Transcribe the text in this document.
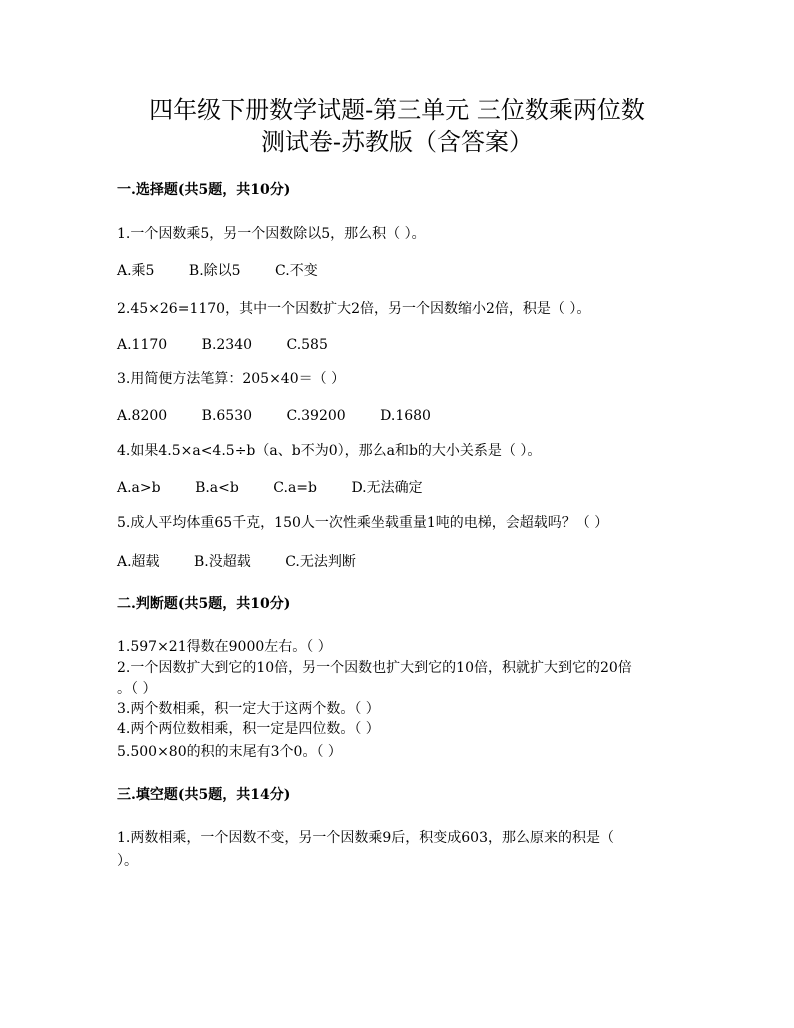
四年级下册数学试题-第三单元 三位数乘两位数
测试卷-苏教版（含答案）
一.选择题(共5题，共10分)
1.一个因数乘5，另一个因数除以5，那么积（ ）。
A.乘5 B.除以5 C.不变
2.45×26=1170，其中一个因数扩大2倍，另一个因数缩小2倍，积是（ ）。
A.1170 B.2340 C.585
3.用简便方法笔算：205×40＝（ ）
A.8200 B.6530 C.39200 D.1680
4.如果4.5×a<4.5÷b（a、b不为0），那么a和b的大小关系是（ ）。
A.a>b B.a<b C.a=b D.无法确定
5.成人平均体重65千克，150人一次性乘坐载重量1吨的电梯，会超载吗？（ ）
A.超载 B.没超载 C.无法判断
二.判断题(共5题，共10分)
1.597×21得数在9000左右。（ ）
2.一个因数扩大到它的10倍，另一个因数也扩大到它的10倍，积就扩大到它的20倍
。（ ）
3.两个数相乘，积一定大于这两个数。（ ）
4.两个两位数相乘，积一定是四位数。（ ）
5.500×80的积的末尾有3个0。（ ）
三.填空题(共5题，共14分)
1.两数相乘，一个因数不变，另一个因数乘9后，积变成603，那么原来的积是（
）。
